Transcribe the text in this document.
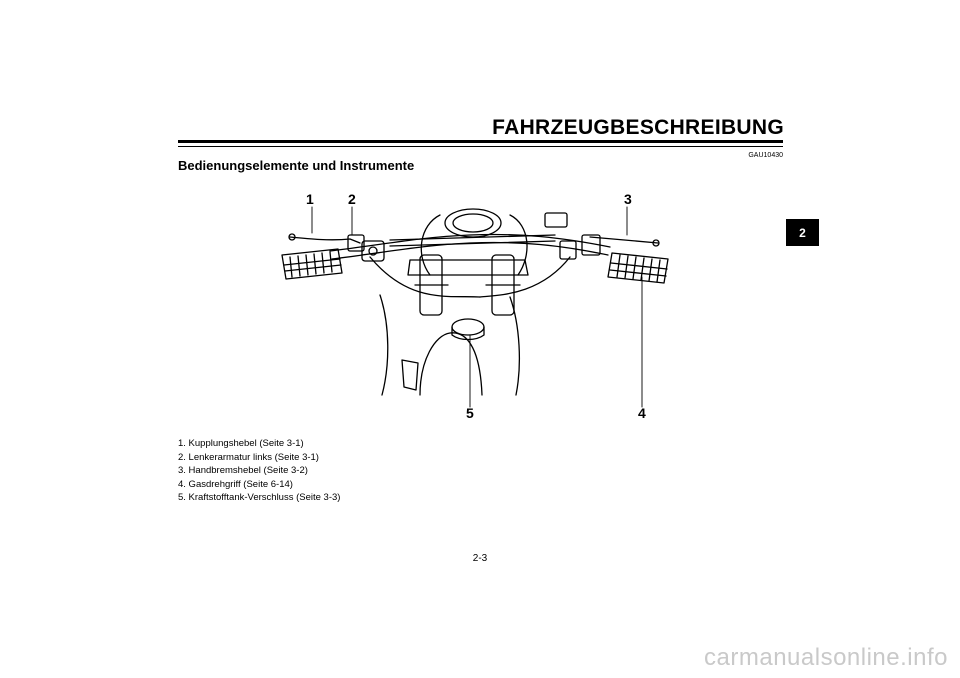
FAHRZEUGBESCHREIBUNG
GAU10430
Bedienungselemente und Instrumente
2
1 2	3
4
5
1. Kupplungshebel (Seite 3-1)
2. Lenkerarmatur links (Seite 3-1)
3. Handbremshebel (Seite 3-2)
4. Gasdrehgriff (Seite 6-14)
5. Kraftstofftank-Verschluss (Seite 3-3)
2-3
carmanualsonline.info
